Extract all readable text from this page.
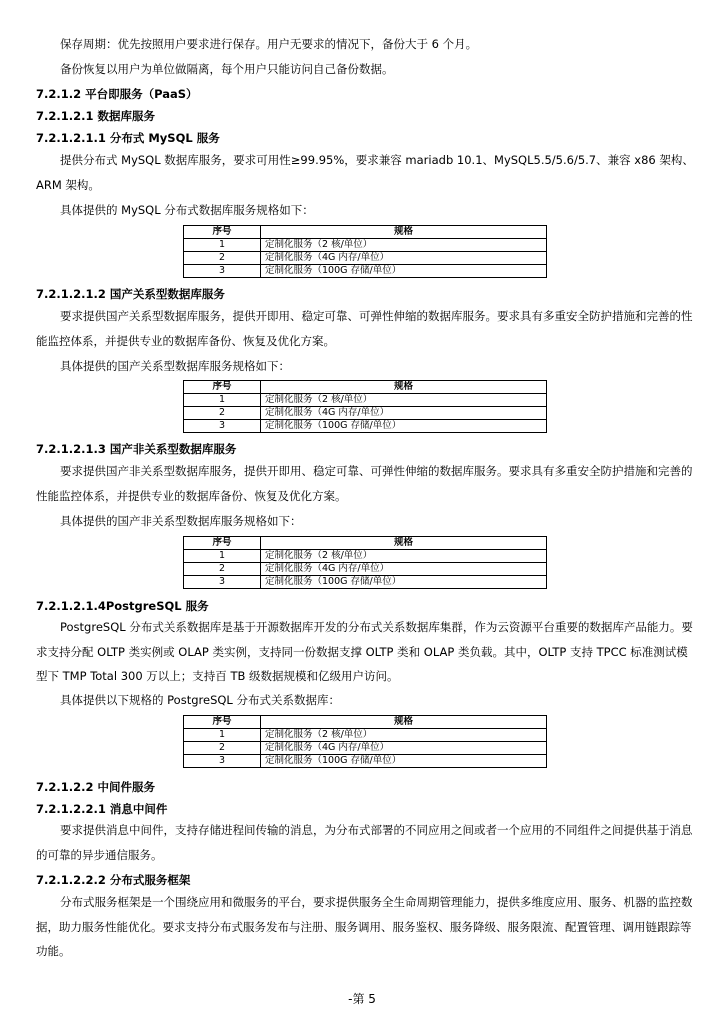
保存周期：优先按照用户要求进行保存。用户无要求的情况下，备份大于 6 个月。
备份恢复以用户为单位做隔离，每个用户只能访问自己备份数据。
7.2.1.2 平台即服务（PaaS）
7.2.1.2.1 数据库服务
7.2.1.2.1.1 分布式 MySQL 服务
提供分布式 MySQL 数据库服务，要求可用性≥99.95%，要求兼容 mariadb 10.1、MySQL5.5/5.6/5.7、兼容 x86 架构、ARM 架构。
具体提供的 MySQL 分布式数据库服务规格如下：
序号	规格
1	定制化服务（2 核/单位）
2	定制化服务（4G 内存/单位）
3	定制化服务（100G 存储/单位）
7.2.1.2.1.2 国产关系型数据库服务
要求提供国产关系型数据库服务，提供开即用、稳定可靠、可弹性伸缩的数据库服务。要求具有多重安全防护措施和完善的性能监控体系，并提供专业的数据库备份、恢复及优化方案。
具体提供的国产关系型数据库服务规格如下：
序号	规格
1	定制化服务（2 核/单位）
2	定制化服务（4G 内存/单位）
3	定制化服务（100G 存储/单位）
7.2.1.2.1.3 国产非关系型数据库服务
要求提供国产非关系型数据库服务，提供开即用、稳定可靠、可弹性伸缩的数据库服务。要求具有多重安全防护措施和完善的性能监控体系，并提供专业的数据库备份、恢复及优化方案。
具体提供的国产非关系型数据库服务规格如下：
序号	规格
1	定制化服务（2 核/单位）
2	定制化服务（4G 内存/单位）
3	定制化服务（100G 存储/单位）
7.2.1.2.1.4PostgreSQL 服务
PostgreSQL 分布式关系数据库是基于开源数据库开发的分布式关系数据库集群，作为云资源平台重要的数据库产品能力。要求支持分配 OLTP 类实例或 OLAP 类实例，支持同一份数据支撑 OLTP 类和 OLAP 类负载。其中，OLTP 支持 TPCC 标准测试模型下 TMP Total 300 万以上；支持百 TB 级数据规模和亿级用户访问。
具体提供以下规格的 PostgreSQL 分布式关系数据库：
序号	规格
1	定制化服务（2 核/单位）
2	定制化服务（4G 内存/单位）
3	定制化服务（100G 存储/单位）
7.2.1.2.2 中间件服务
7.2.1.2.2.1 消息中间件
要求提供消息中间件，支持存储进程间传输的消息，为分布式部署的不同应用之间或者一个应用的不同组件之间提供基于消息的可靠的异步通信服务。
7.2.1.2.2.2 分布式服务框架
分布式服务框架是一个围绕应用和微服务的平台，要求提供服务全生命周期管理能力，提供多维度应用、服务、机器的监控数据，助力服务性能优化。要求支持分布式服务发布与注册、服务调用、服务鉴权、服务降级、服务限流、配置管理、调用链跟踪等功能。
-第 5
